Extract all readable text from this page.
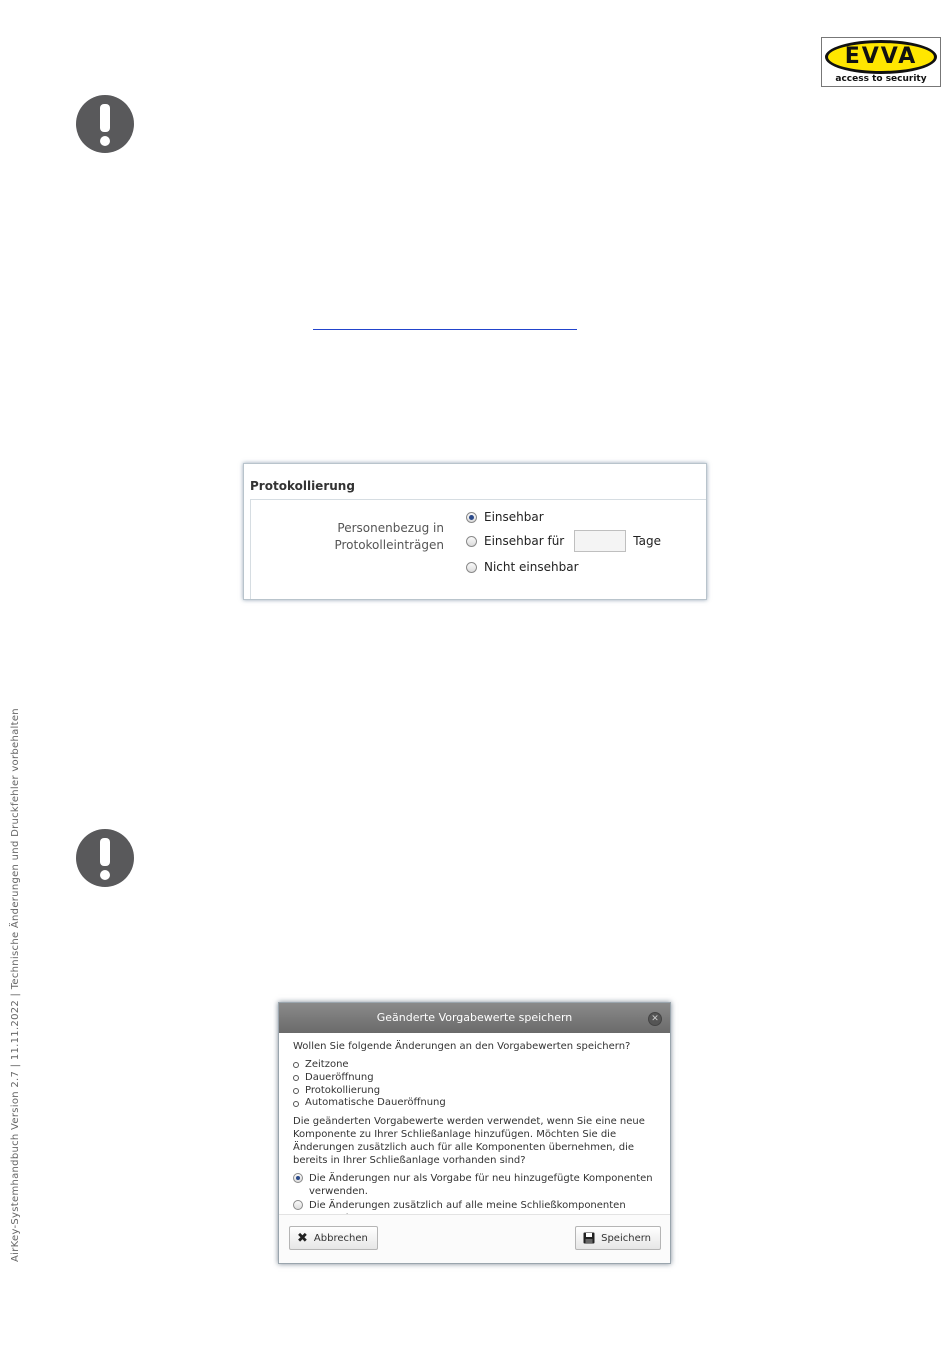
EVVA
access to security
Protokollierung
Personenbezug in
Protokolleinträgen
Einsehbar
Einsehbar für	Tage
Nicht einsehbar
AirKey-Systemhandbuch Version 2.7 | 11.11.2022 | Technische Änderungen und Druckfehler vorbehalten	Geänderte Vorgabewerte speichern	✕

Wollen Sie folgende Änderungen an den Vorgabewerten speichern?

Zeitzone
Daueröffnung
Protokollierung
Automatische Daueröffnung

Die geänderten Vorgabewerte werden verwendet, wenn Sie eine neue Komponente zu Ihrer Schließanlage hinzufügen. Möchten Sie die Änderungen zusätzlich auch für alle Komponenten übernehmen, die bereits in Ihrer Schließanlage vorhanden sind?

Die Änderungen nur als Vorgabe für neu hinzugefügte Komponenten verwenden.
Die Änderungen zusätzlich auf alle meine Schließkomponenten
✖ Abbrechen	Speichern
